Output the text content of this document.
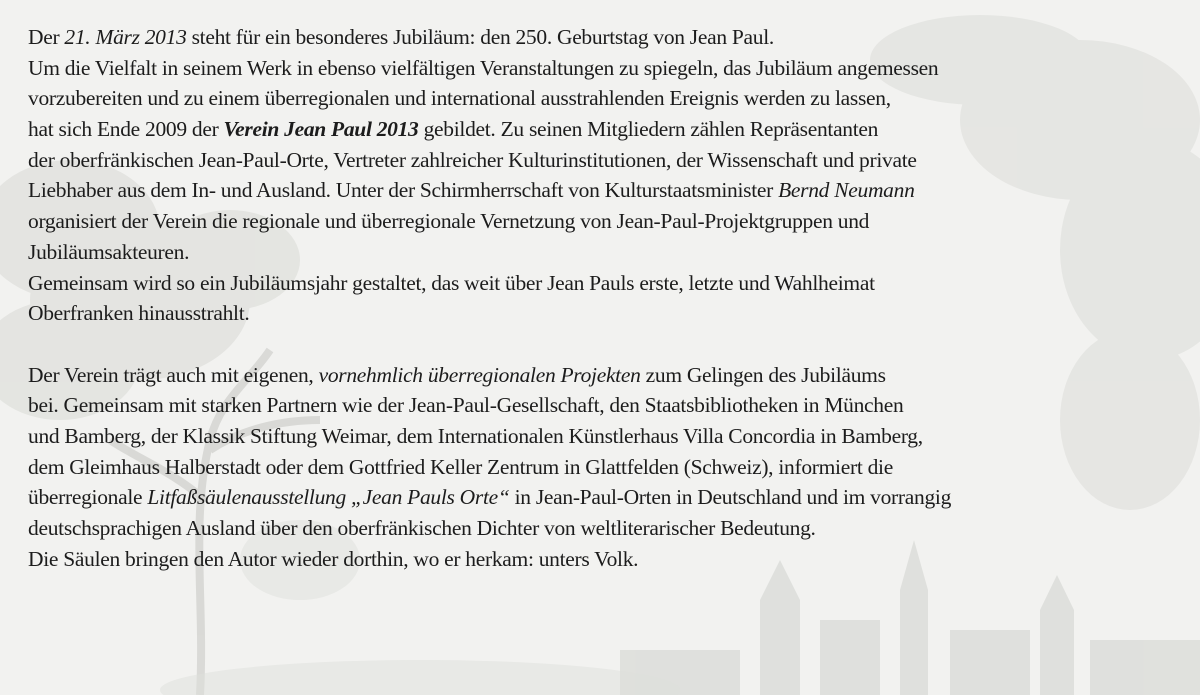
Der 21. März 2013 steht für ein besonderes Jubiläum: den 250. Geburtstag von Jean Paul.
Um die Vielfalt in seinem Werk in ebenso vielfältigen Veranstaltungen zu spiegeln, das Jubiläum angemessen
vorzubereiten und zu einem überregionalen und international ausstrahlenden Ereignis werden zu lassen,
hat sich Ende 2009 der Verein Jean Paul 2013 gebildet. Zu seinen Mitgliedern zählen Repräsentanten
der oberfränkischen Jean-Paul-Orte, Vertreter zahlreicher Kulturinstitutionen, der Wissenschaft und private
Liebhaber aus dem In- und Ausland. Unter der Schirmherrschaft von Kulturstaatsminister Bernd Neumann
organisiert der Verein die regionale und überregionale Vernetzung von Jean-Paul-Projektgruppen und
Jubiläumsakteuren.
Gemeinsam wird so ein Jubiläumsjahr gestaltet, das weit über Jean Pauls erste, letzte und Wahlheimat
Oberfranken hinausstrahlt.
Der Verein trägt auch mit eigenen, vornehmlich überregionalen Projekten zum Gelingen des Jubiläums
bei. Gemeinsam mit starken Partnern wie der Jean-Paul-Gesellschaft, den Staatsbibliotheken in München
und Bamberg, der Klassik Stiftung Weimar, dem Internationalen Künstlerhaus Villa Concordia in Bamberg,
dem Gleimhaus Halberstadt oder dem Gottfried Keller Zentrum in Glattfelden (Schweiz), informiert die
überregionale Litfaßsäulenausstellung „Jean Pauls Orte“ in Jean-Paul-Orten in Deutschland und im vorrangig
deutschsprachigen Ausland über den oberfränkischen Dichter von weltliterarischer Bedeutung.
Die Säulen bringen den Autor wieder dorthin, wo er herkam: unters Volk.
